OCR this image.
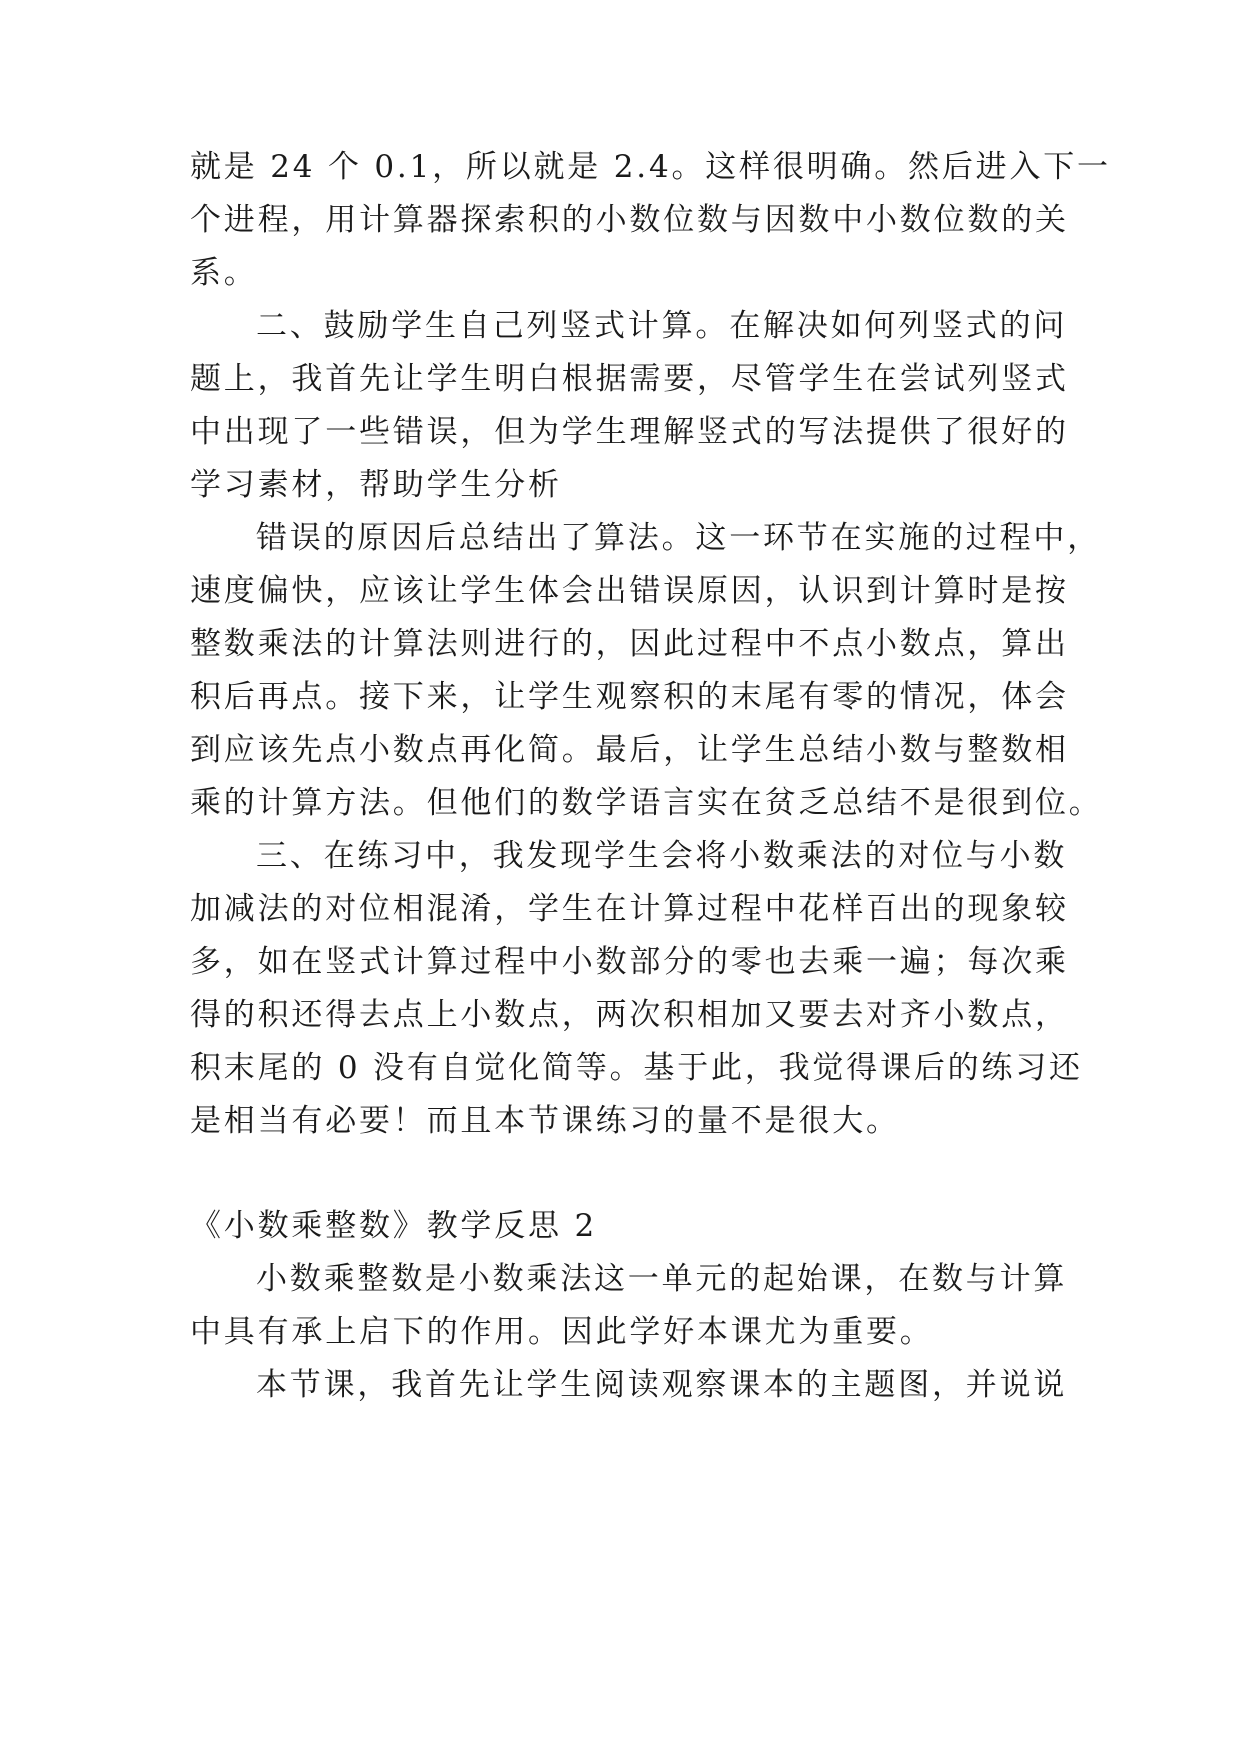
就是 24 个 0.1，所以就是 2.4。这样很明确。然后进入下一
个进程，用计算器探索积的小数位数与因数中小数位数的关
系。
二、鼓励学生自己列竖式计算。在解决如何列竖式的问
题上，我首先让学生明白根据需要，尽管学生在尝试列竖式
中出现了一些错误，但为学生理解竖式的写法提供了很好的
学习素材，帮助学生分析
错误的原因后总结出了算法。这一环节在实施的过程中，
速度偏快，应该让学生体会出错误原因，认识到计算时是按
整数乘法的计算法则进行的，因此过程中不点小数点，算出
积后再点。接下来，让学生观察积的末尾有零的情况，体会
到应该先点小数点再化简。最后，让学生总结小数与整数相
乘的计算方法。但他们的数学语言实在贫乏总结不是很到位。
三、在练习中，我发现学生会将小数乘法的对位与小数
加减法的对位相混淆，学生在计算过程中花样百出的现象较
多，如在竖式计算过程中小数部分的零也去乘一遍；每次乘
得的积还得去点上小数点，两次积相加又要去对齐小数点，
积末尾的 0 没有自觉化简等。基于此，我觉得课后的练习还
是相当有必要！而且本节课练习的量不是很大。
《小数乘整数》教学反思 2
小数乘整数是小数乘法这一单元的起始课，在数与计算
中具有承上启下的作用。因此学好本课尤为重要。
本节课，我首先让学生阅读观察课本的主题图，并说说
